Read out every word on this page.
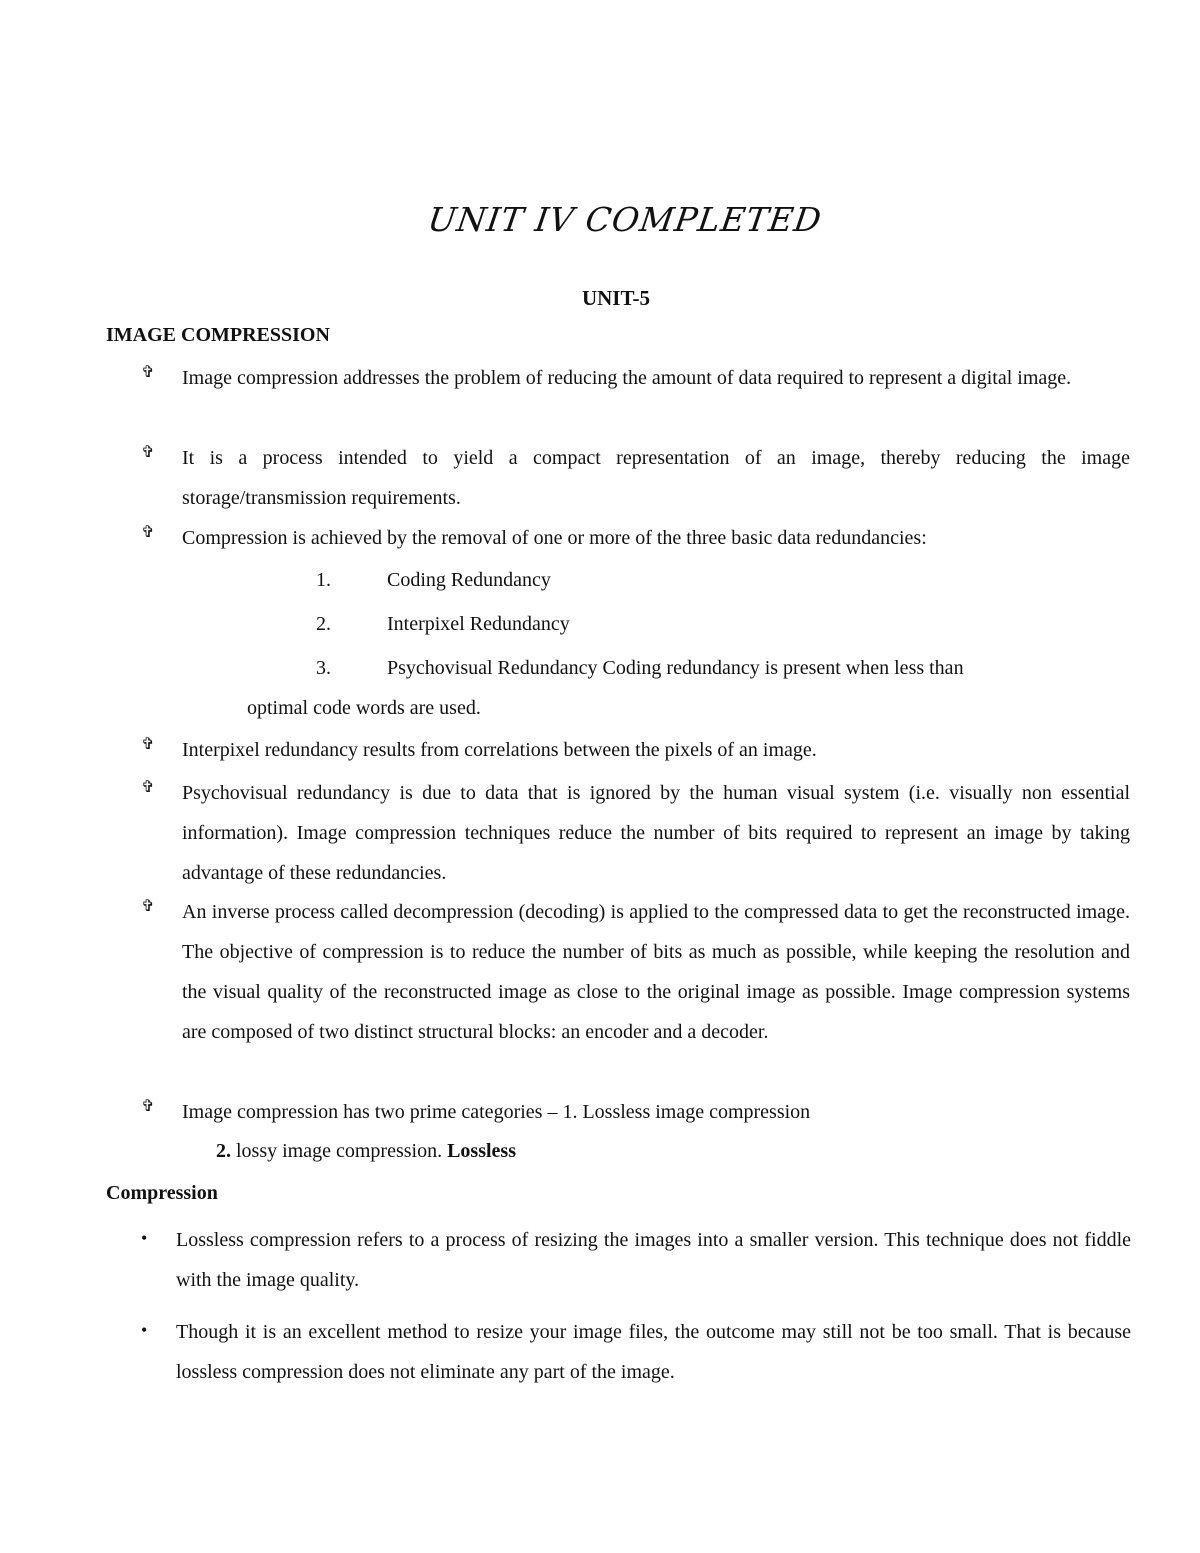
UNIT IV COMPLETED
UNIT-5
IMAGE COMPRESSION
✞ Image compression addresses the problem of reducing the amount of data required to represent a digital image.
✞ It is a process intended to yield a compact representation of an image, thereby reducing the image storage/transmission requirements.
✞ Compression is achieved by the removal of one or more of the three basic data redundancies:
1.	Coding Redundancy
2.	Interpixel Redundancy
3.	Psychovisual Redundancy Coding redundancy is present when less than
optimal code words are used.
✞ Interpixel redundancy results from correlations between the pixels of an image.
✞ Psychovisual redundancy is due to data that is ignored by the human visual system (i.e. visually non essential information). Image compression techniques reduce the number of bits required to represent an image by taking advantage of these redundancies.
✞ An inverse process called decompression (decoding) is applied to the compressed data to get the reconstructed image. The objective of compression is to reduce the number of bits as much as possible, while keeping the resolution and the visual quality of the reconstructed image as close to the original image as possible. Image compression systems are composed of two distinct structural blocks: an encoder and a decoder.
✞ Image compression has two prime categories – 1. Lossless image compression
2. lossy image compression. Lossless
Compression
• Lossless compression refers to a process of resizing the images into a smaller version. This technique does not fiddle with the image quality.
• Though it is an excellent method to resize your image files, the outcome may still not be too small. That is because lossless compression does not eliminate any part of the image.
